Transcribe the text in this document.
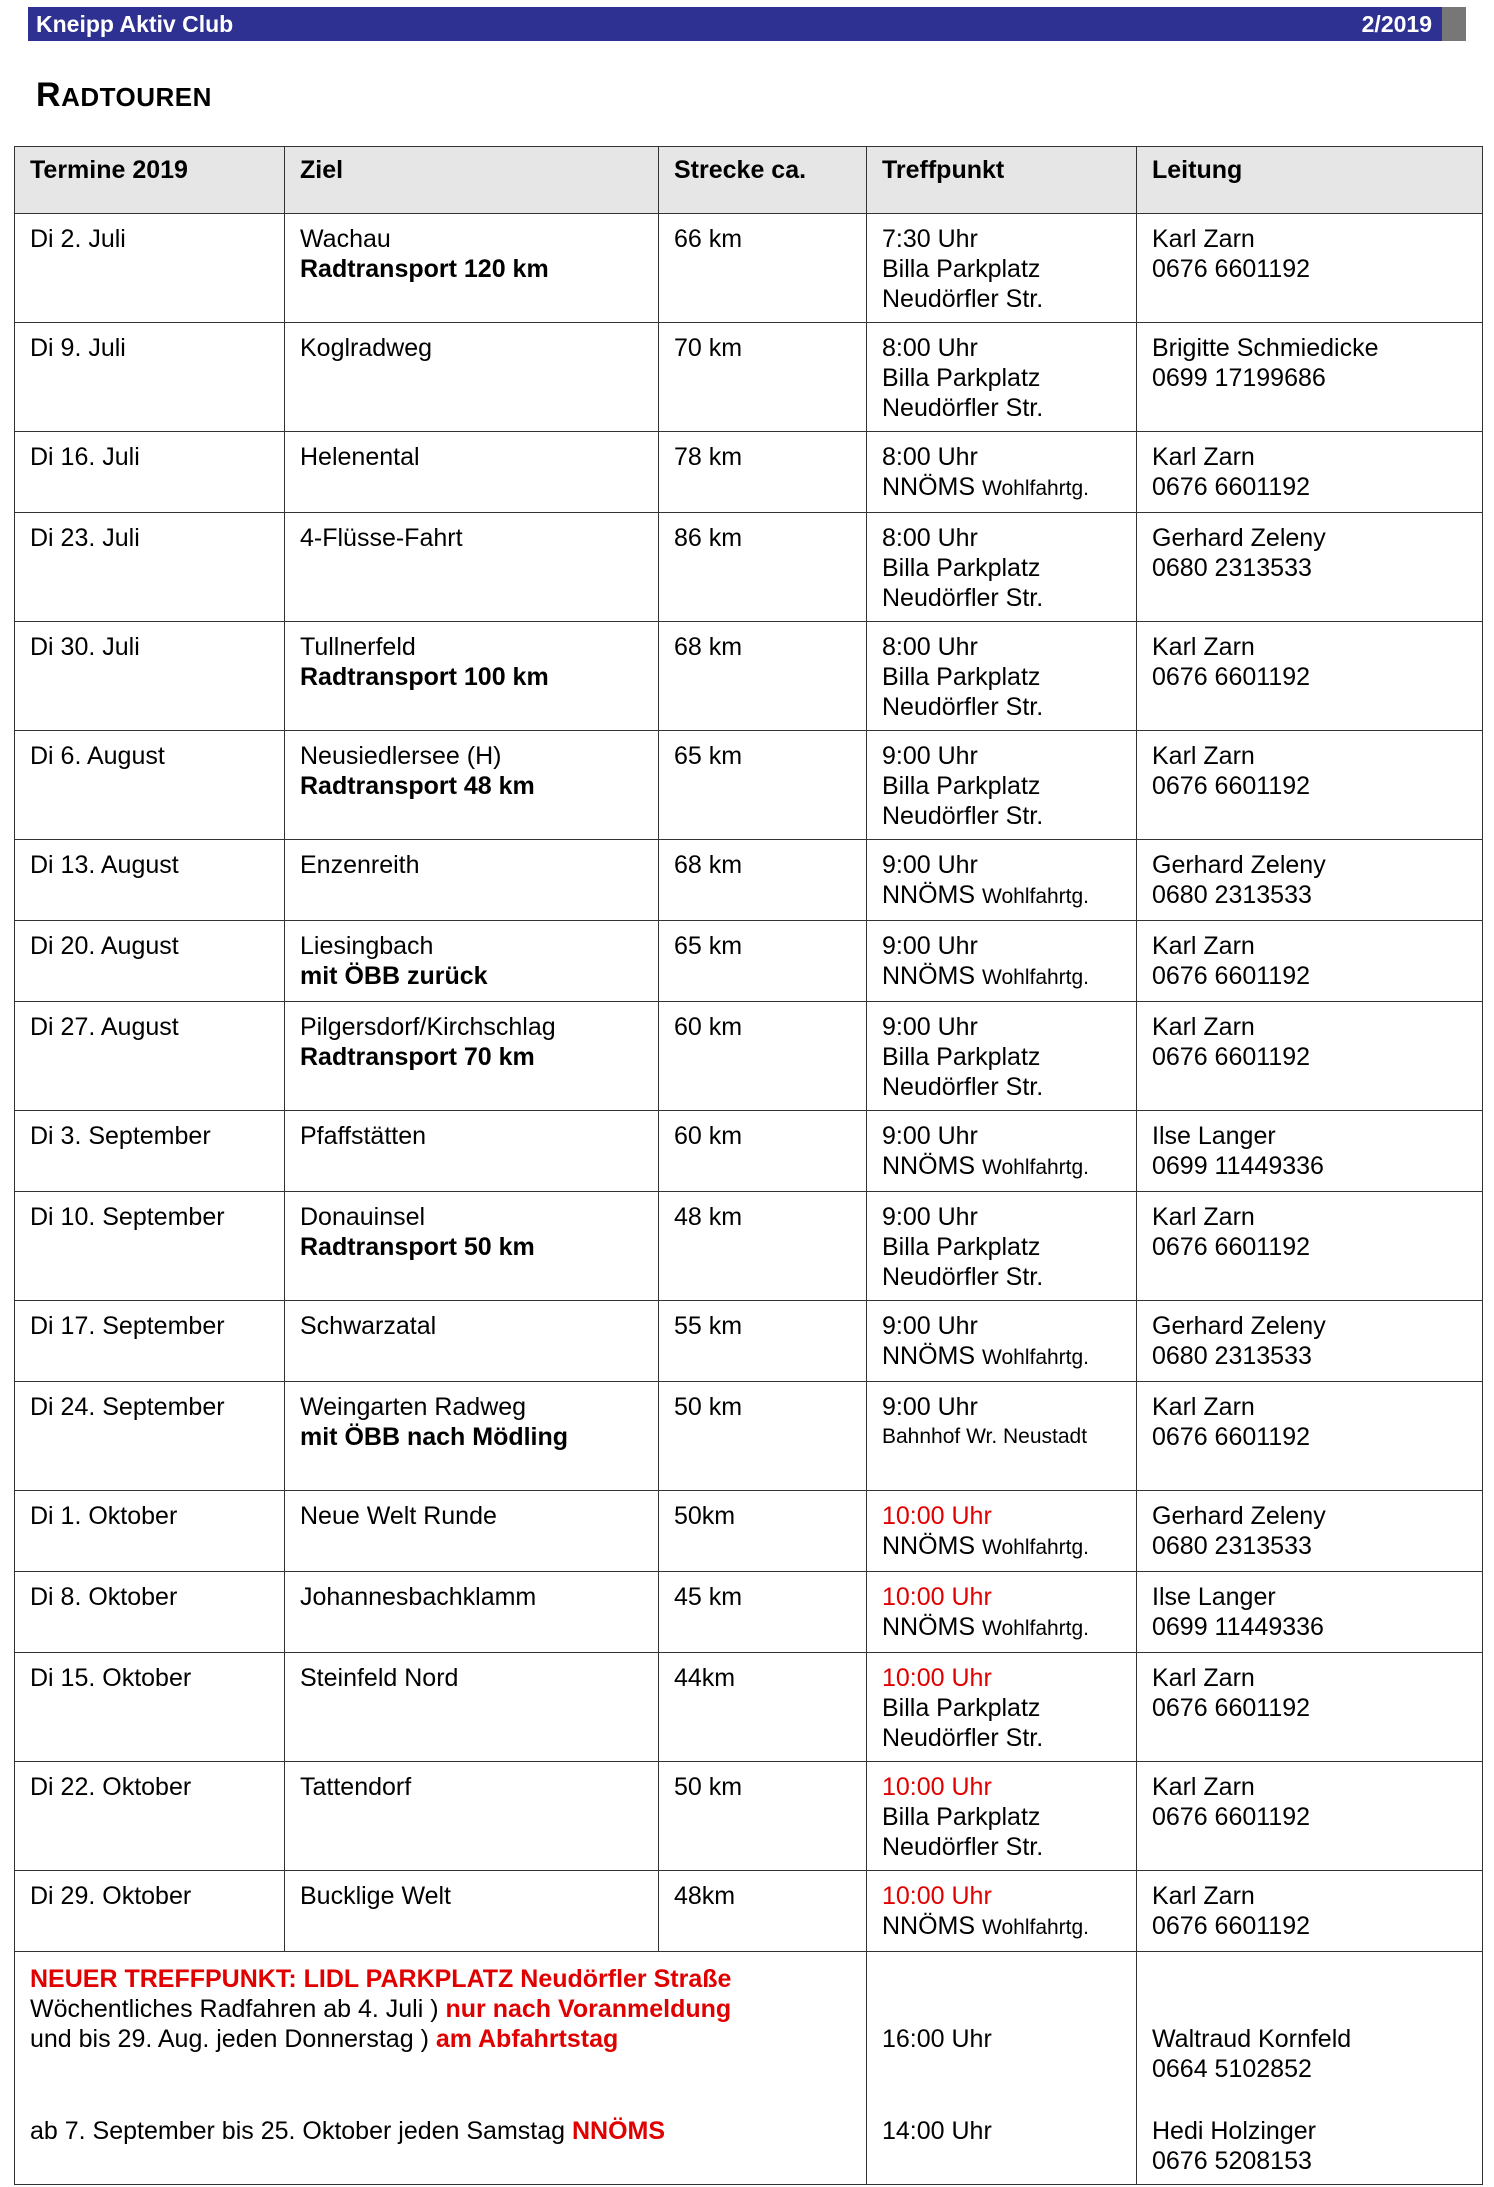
Kneipp Aktiv Club	2/2019
RADTOUREN
Termine 2019	Ziel	Strecke ca.	Treffpunkt	Leitung
Di 2. Juli	Wachau
Radtransport 120 km	66 km	7:30 Uhr
Billa Parkplatz
Neudörfler Str.	Karl Zarn
0676 6601192

Di 9. Juli	Koglradweg	70 km	8:00 Uhr
Billa Parkplatz
Neudörfler Str.	Brigitte Schmiedicke
0699 17199686

Di 16. Juli	Helenental	78 km	8:00 Uhr
NNÖMS Wohlfahrtg.	Karl Zarn
0676 6601192

Di 23. Juli	4-Flüsse-Fahrt	86 km	8:00 Uhr
Billa Parkplatz
Neudörfler Str.	Gerhard Zeleny
0680 2313533

Di 30. Juli	Tullnerfeld
Radtransport 100 km	68 km	8:00 Uhr
Billa Parkplatz
Neudörfler Str.	Karl Zarn
0676 6601192

Di 6. August	Neusiedlersee (H)
Radtransport 48 km	65 km	9:00 Uhr
Billa Parkplatz
Neudörfler Str.	Karl Zarn
0676 6601192

Di 13. August	Enzenreith	68 km	9:00 Uhr
NNÖMS Wohlfahrtg.	Gerhard Zeleny
0680 2313533

Di 20. August	Liesingbach
mit ÖBB zurück	65 km	9:00 Uhr
NNÖMS Wohlfahrtg.	Karl Zarn
0676 6601192

Di 27. August	Pilgersdorf/Kirchschlag
Radtransport 70 km	60 km	9:00 Uhr
Billa Parkplatz
Neudörfler Str.	Karl Zarn
0676 6601192

Di 3. September	Pfaffstätten	60 km	9:00 Uhr
NNÖMS Wohlfahrtg.	Ilse Langer
0699 11449336

Di 10. September	Donauinsel
Radtransport 50 km	48 km	9:00 Uhr
Billa Parkplatz
Neudörfler Str.	Karl Zarn
0676 6601192

Di 17. September	Schwarzatal	55 km	9:00 Uhr
NNÖMS Wohlfahrtg.	Gerhard Zeleny
0680 2313533

Di 24. September	Weingarten Radweg
mit ÖBB nach Mödling	50 km	9:00 Uhr
Bahnhof Wr. Neustadt	Karl Zarn
0676 6601192

Di 1. Oktober	Neue Welt Runde	50km	10:00 Uhr
NNÖMS Wohlfahrtg.	Gerhard Zeleny
0680 2313533

Di 8. Oktober	Johannesbachklamm	45 km	10:00 Uhr
NNÖMS Wohlfahrtg.	Ilse Langer
0699 11449336

Di 15. Oktober	Steinfeld Nord	44km	10:00 Uhr
Billa Parkplatz
Neudörfler Str.	Karl Zarn
0676 6601192

Di 22. Oktober	Tattendorf	50 km	10:00 Uhr
Billa Parkplatz
Neudörfler Str.	Karl Zarn
0676 6601192

Di 29. Oktober	Bucklige Welt	48km	10:00 Uhr
NNÖMS Wohlfahrtg.	Karl Zarn
0676 6601192

NEUER TREFFPUNKT: LIDL PARKPLATZ Neudörfler Straße
Wöchentliches Radfahren ab 4. Juli ) nur nach Voranmeldung
und bis 29. Aug. jeden Donnerstag ) am Abfahrtstag			16:00 Uhr	Waltraud Kornfeld
0664 5102852

ab 7. September bis 25. Oktober jeden Samstag NNÖMS			14:00 Uhr	Hedi Holzinger
0676 5208153
